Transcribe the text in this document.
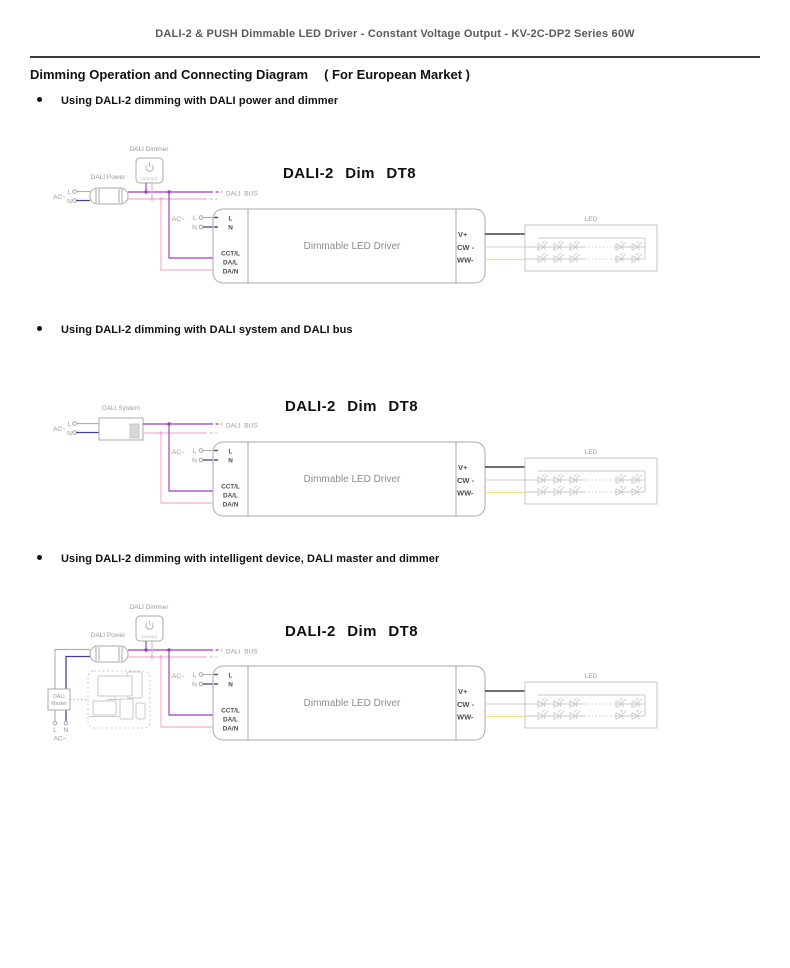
DALI-2 & PUSH Dimmable LED Driver - Constant Voltage Output - KV-2C-DP2 Series 60W
Dimming Operation and Connecting Diagram ( For European Market )
Using DALI-2 dimming with DALI power and dimmer
Using DALI-2 dimming with DALI system and DALI bus
Using DALI-2 dimming with intelligent device, DALI master and dimmer
DALI Dimmer
(ooooo)
DALI Power
AC~
L
N
DALI BUS
DALI-2 Dim DT8
AC~ L
N
L
N
CCT/L
DA/L
DA/N
Dimmable LED Driver
V+
CW -
WW-
LED
DALI System
AC~
L
N
DALI BUS
DALI-2 Dim DT8
AC~ L
N
L
N
CCT/L
DA/L
DA/N
Dimmable LED Driver
V+
CW -
WW-
LED
DALI Dimmer
(ooooo)
DALI Power
DALI
Master
L N
AC~
DALI BUS
DALI-2 Dim DT8
AC~ L
N
L
N
CCT/L
DA/L
DA/N
Dimmable LED Driver
V+
CW -
WW-
LED
